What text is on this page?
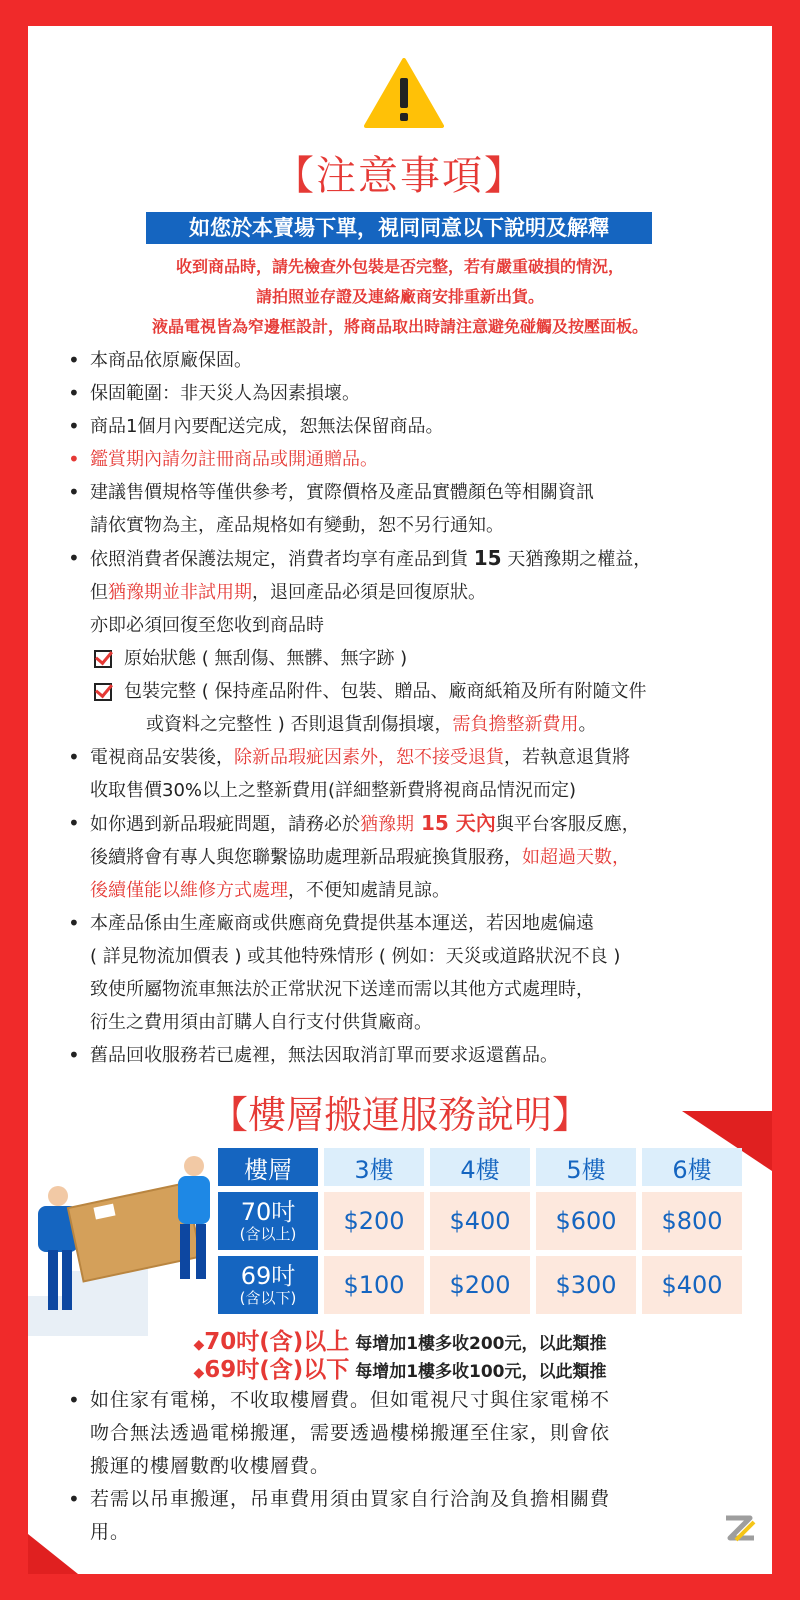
【注意事項】
如您於本賣場下單，視同同意以下說明及解釋
收到商品時，請先檢查外包裝是否完整，若有嚴重破損的情況，
請拍照並存證及連絡廠商安排重新出貨。
液晶電視皆為窄邊框設計，將商品取出時請注意避免碰觸及按壓面板。
• 本商品依原廠保固。
• 保固範圍：非天災人為因素損壞。
• 商品1個月內要配送完成，恕無法保留商品。
• 鑑賞期內請勿註冊商品或開通贈品。
• 建議售價規格等僅供參考，實際價格及產品實體顏色等相關資訊
請依實物為主，產品規格如有變動，恕不另行通知。
• 依照消費者保護法規定，消費者均享有產品到貨 15 天猶豫期之權益，
但猶豫期並非試用期，退回產品必須是回復原狀。
亦即必須回復至您收到商品時
原始狀態 ( 無刮傷、無髒、無字跡 )
包裝完整 ( 保持產品附件、包裝、贈品、廠商紙箱及所有附隨文件
或資料之完整性 ) 否則退貨刮傷損壞，需負擔整新費用。
• 電視商品安裝後，除新品瑕疵因素外，恕不接受退貨，若執意退貨將
收取售價30%以上之整新費用(詳細整新費將視商品情況而定)
• 如你遇到新品瑕疵問題，請務必於猶豫期 15 天內與平台客服反應，
後續將會有專人與您聯繫協助處理新品瑕疵換貨服務，如超過天數，
後續僅能以維修方式處理，不便知處請見諒。
• 本產品係由生產廠商或供應商免費提供基本運送，若因地處偏遠
( 詳見物流加價表 ) 或其他特殊情形 ( 例如：天災或道路狀況不良 )
致使所屬物流車無法於正常狀況下送達而需以其他方式處理時，
衍生之費用須由訂購人自行支付供貨廠商。
• 舊品回收服務若已處裡，無法因取消訂單而要求返還舊品。
【樓層搬運服務說明】
樓層	3樓	4樓	5樓	6樓
70吋
(含以上)	$200	$400	$600	$800
69吋
(含以下)	$100	$200	$300	$400
◆70吋(含)以上 每增加1樓多收200元，以此類推
◆69吋(含)以下 每增加1樓多收100元，以此類推
• 如住家有電梯，不收取樓層費。但如電視尺寸與住家電梯不
吻合無法透過電梯搬運，需要透過樓梯搬運至住家，則會依
搬運的樓層數酌收樓層費。
• 若需以吊車搬運，吊車費用須由買家自行洽詢及負擔相關費
用。
